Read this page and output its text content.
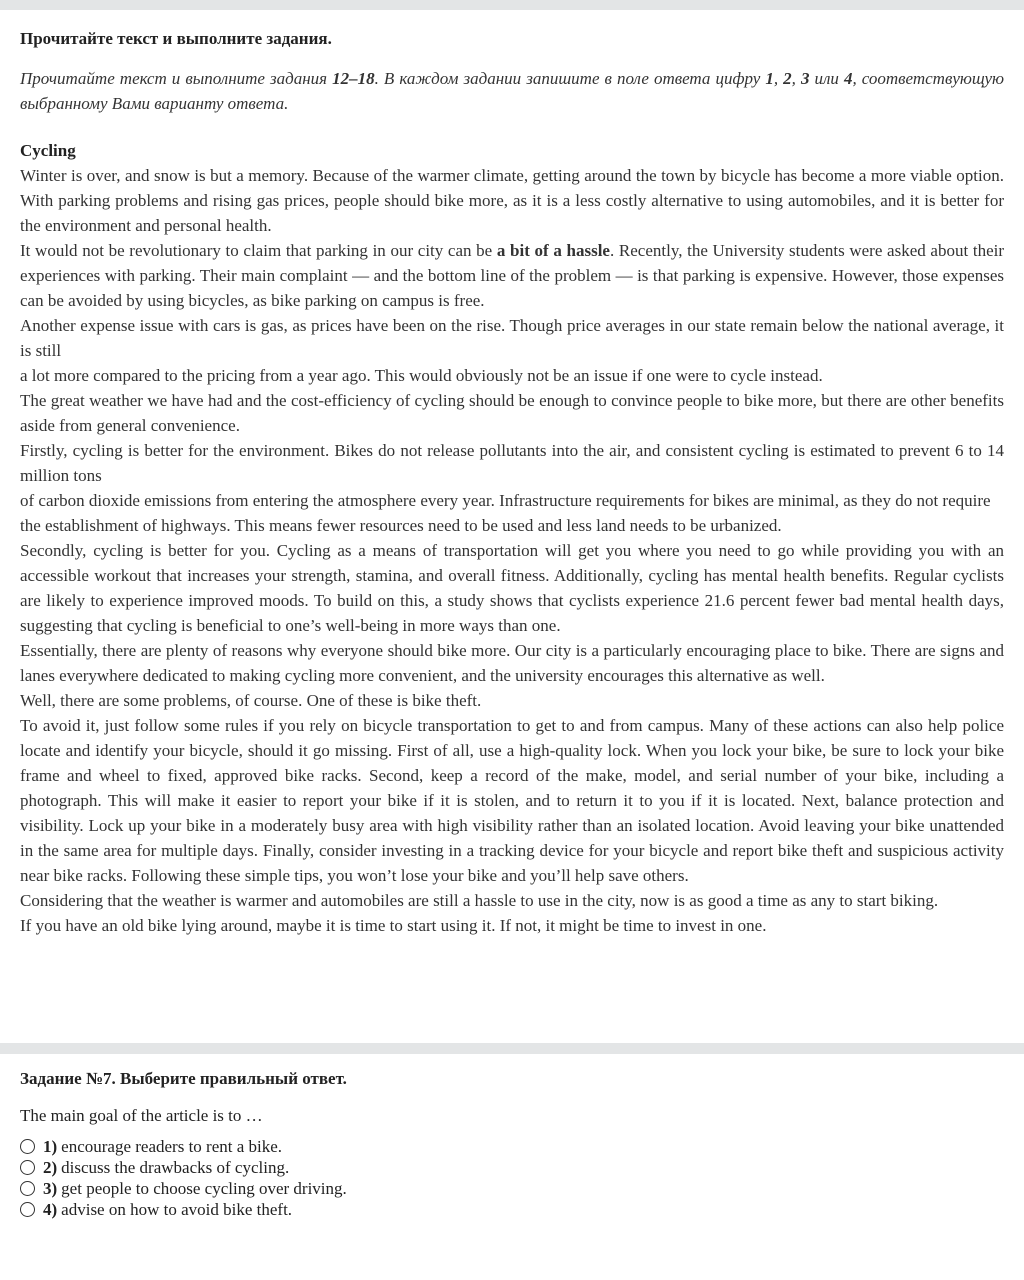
Прочитайте текст и выполните задания.

Прочитайте текст и выполните задания 12–18. В каждом задании запишите в поле ответа цифру 1, 2, 3 или 4, соответствующую выбранному Вами варианту ответа.

Cycling

Winter is over, and snow is but a memory. Because of the warmer climate, getting around the town by bicycle has become a more viable option. With parking problems and rising gas prices, people should bike more, as it is a less costly alternative to using automobiles, and it is better for the environment and personal health.

It would not be revolutionary to claim that parking in our city can be a bit of a hassle. Recently, the University students were asked about their experiences with parking. Their main complaint — and the bottom line of the problem — is that parking is expensive. However, those expenses can be avoided by using bicycles, as bike parking on campus is free.

Another expense issue with cars is gas, as prices have been on the rise. Though price averages in our state remain below the national average, it is still

a lot more compared to the pricing from a year ago. This would obviously not be an issue if one were to cycle instead.

The great weather we have had and the cost-efficiency of cycling should be enough to convince people to bike more, but there are other benefits aside from general convenience.

Firstly, cycling is better for the environment. Bikes do not release pollutants into the air, and consistent cycling is estimated to prevent 6 to 14 million tons

of carbon dioxide emissions from entering the atmosphere every year. Infrastructure requirements for bikes are minimal, as they do not require

the establishment of highways. This means fewer resources need to be used and less land needs to be urbanized.

Secondly, cycling is better for you. Cycling as a means of transportation will get you where you need to go while providing you with an accessible workout that increases your strength, stamina, and overall fitness. Additionally, cycling has mental health benefits. Regular cyclists are likely to experience improved moods. To build on this, a study shows that cyclists experience 21.6 percent fewer bad mental health days, suggesting that cycling is beneficial to one’s well-being in more ways than one.

Essentially, there are plenty of reasons why everyone should bike more. Our city is a particularly encouraging place to bike. There are signs and lanes everywhere dedicated to making cycling more convenient, and the university encourages this alternative as well.

Well, there are some problems, of course. One of these is bike theft.

To avoid it, just follow some rules if you rely on bicycle transportation to get to and from campus. Many of these actions can also help police locate and identify your bicycle, should it go missing. First of all, use a high-quality lock. When you lock your bike, be sure to lock your bike frame and wheel to fixed, approved bike racks. Second, keep a record of the make, model, and serial number of your bike, including a photograph. This will make it easier to report your bike if it is stolen, and to return it to you if it is located. Next, balance protection and visibility. Lock up your bike in a moderately busy area with high visibility rather than an isolated location. Avoid leaving your bike unattended in the same area for multiple days. Finally, consider investing in a tracking device for your bicycle and report bike theft and suspicious activity near bike racks. Following these simple tips, you won’t lose your bike and you’ll help save others.

Considering that the weather is warmer and automobiles are still a hassle to use in the city, now is as good a time as any to start biking.

If you have an old bike lying around, maybe it is time to start using it. If not, it might be time to invest in one.

Задание №7. Выберите правильный ответ.

The main goal of the article is to …

1) encourage readers to rent a bike.
2) discuss the drawbacks of cycling.
3) get people to choose cycling over driving.
4) advise on how to avoid bike theft.
